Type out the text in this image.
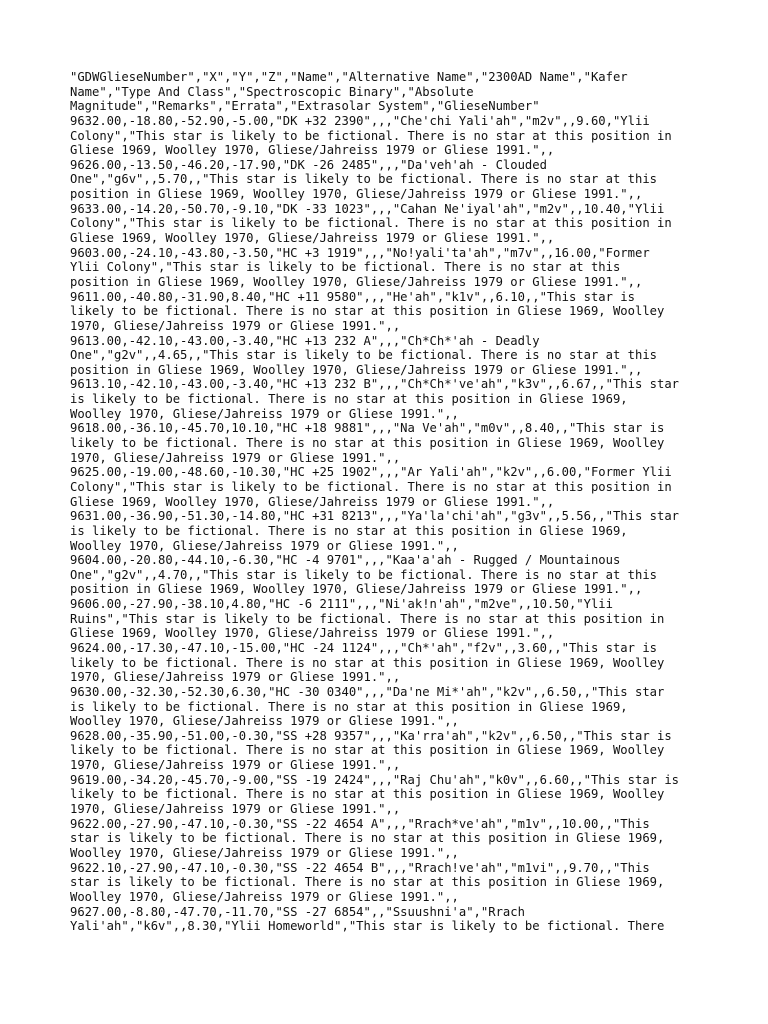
"GDWGlieseNumber","X","Y","Z","Name","Alternative Name","2300AD Name","Kafer
Name","Type And Class","Spectroscopic Binary","Absolute
Magnitude","Remarks","Errata","Extrasolar System","GlieseNumber"
9632.00,-18.80,-52.90,-5.00,"DK +32 2390",,,"Che'chi Yali'ah","m2v",,9.60,"Ylii
Colony","This star is likely to be fictional. There is no star at this position in
Gliese 1969, Woolley 1970, Gliese/Jahreiss 1979 or Gliese 1991.",,
9626.00,-13.50,-46.20,-17.90,"DK -26 2485",,,"Da'veh'ah - Clouded
One","g6v",,5.70,,"This star is likely to be fictional. There is no star at this
position in Gliese 1969, Woolley 1970, Gliese/Jahreiss 1979 or Gliese 1991.",,
9633.00,-14.20,-50.70,-9.10,"DK -33 1023",,,"Cahan Ne'iyal'ah","m2v",,10.40,"Ylii
Colony","This star is likely to be fictional. There is no star at this position in
Gliese 1969, Woolley 1970, Gliese/Jahreiss 1979 or Gliese 1991.",,
9603.00,-24.10,-43.80,-3.50,"HC +3 1919",,,"No!yali'ta'ah","m7v",,16.00,"Former
Ylii Colony","This star is likely to be fictional. There is no star at this
position in Gliese 1969, Woolley 1970, Gliese/Jahreiss 1979 or Gliese 1991.",,
9611.00,-40.80,-31.90,8.40,"HC +11 9580",,,"He'ah","k1v",,6.10,,"This star is
likely to be fictional. There is no star at this position in Gliese 1969, Woolley
1970, Gliese/Jahreiss 1979 or Gliese 1991.",,
9613.00,-42.10,-43.00,-3.40,"HC +13 232 A",,,"Ch*Ch*'ah - Deadly
One","g2v",,4.65,,"This star is likely to be fictional. There is no star at this
position in Gliese 1969, Woolley 1970, Gliese/Jahreiss 1979 or Gliese 1991.",,
9613.10,-42.10,-43.00,-3.40,"HC +13 232 B",,,"Ch*Ch*'ve'ah","k3v",,6.67,,"This star
is likely to be fictional. There is no star at this position in Gliese 1969,
Woolley 1970, Gliese/Jahreiss 1979 or Gliese 1991.",,
9618.00,-36.10,-45.70,10.10,"HC +18 9881",,,"Na Ve'ah","m0v",,8.40,,"This star is
likely to be fictional. There is no star at this position in Gliese 1969, Woolley
1970, Gliese/Jahreiss 1979 or Gliese 1991.",,
9625.00,-19.00,-48.60,-10.30,"HC +25 1902",,,"Ar Yali'ah","k2v",,6.00,"Former Ylii
Colony","This star is likely to be fictional. There is no star at this position in
Gliese 1969, Woolley 1970, Gliese/Jahreiss 1979 or Gliese 1991.",,
9631.00,-36.90,-51.30,-14.80,"HC +31 8213",,,"Ya'la'chi'ah","g3v",,5.56,,"This star
is likely to be fictional. There is no star at this position in Gliese 1969,
Woolley 1970, Gliese/Jahreiss 1979 or Gliese 1991.",,
9604.00,-20.80,-44.10,-6.30,"HC -4 9701",,,"Kaa'a'ah - Rugged / Mountainous
One","g2v",,4.70,,"This star is likely to be fictional. There is no star at this
position in Gliese 1969, Woolley 1970, Gliese/Jahreiss 1979 or Gliese 1991.",,
9606.00,-27.90,-38.10,4.80,"HC -6 2111",,,"Ni'ak!n'ah","m2ve",,10.50,"Ylii
Ruins","This star is likely to be fictional. There is no star at this position in
Gliese 1969, Woolley 1970, Gliese/Jahreiss 1979 or Gliese 1991.",,
9624.00,-17.30,-47.10,-15.00,"HC -24 1124",,,"Ch*'ah","f2v",,3.60,,"This star is
likely to be fictional. There is no star at this position in Gliese 1969, Woolley
1970, Gliese/Jahreiss 1979 or Gliese 1991.",,
9630.00,-32.30,-52.30,6.30,"HC -30 0340",,,"Da'ne Mi*'ah","k2v",,6.50,,"This star
is likely to be fictional. There is no star at this position in Gliese 1969,
Woolley 1970, Gliese/Jahreiss 1979 or Gliese 1991.",,
9628.00,-35.90,-51.00,-0.30,"SS +28 9357",,,"Ka'rra'ah","k2v",,6.50,,"This star is
likely to be fictional. There is no star at this position in Gliese 1969, Woolley
1970, Gliese/Jahreiss 1979 or Gliese 1991.",,
9619.00,-34.20,-45.70,-9.00,"SS -19 2424",,,"Raj Chu'ah","k0v",,6.60,,"This star is
likely to be fictional. There is no star at this position in Gliese 1969, Woolley
1970, Gliese/Jahreiss 1979 or Gliese 1991.",,
9622.00,-27.90,-47.10,-0.30,"SS -22 4654 A",,,"Rrach*ve'ah","m1v",,10.00,,"This
star is likely to be fictional. There is no star at this position in Gliese 1969,
Woolley 1970, Gliese/Jahreiss 1979 or Gliese 1991.",,
9622.10,-27.90,-47.10,-0.30,"SS -22 4654 B",,,"Rrach!ve'ah","m1vi",,9.70,,"This
star is likely to be fictional. There is no star at this position in Gliese 1969,
Woolley 1970, Gliese/Jahreiss 1979 or Gliese 1991.",,
9627.00,-8.80,-47.70,-11.70,"SS -27 6854",,"Ssuushni'a","Rrach
Yali'ah","k6v",,8.30,"Ylii Homeworld","This star is likely to be fictional. There
